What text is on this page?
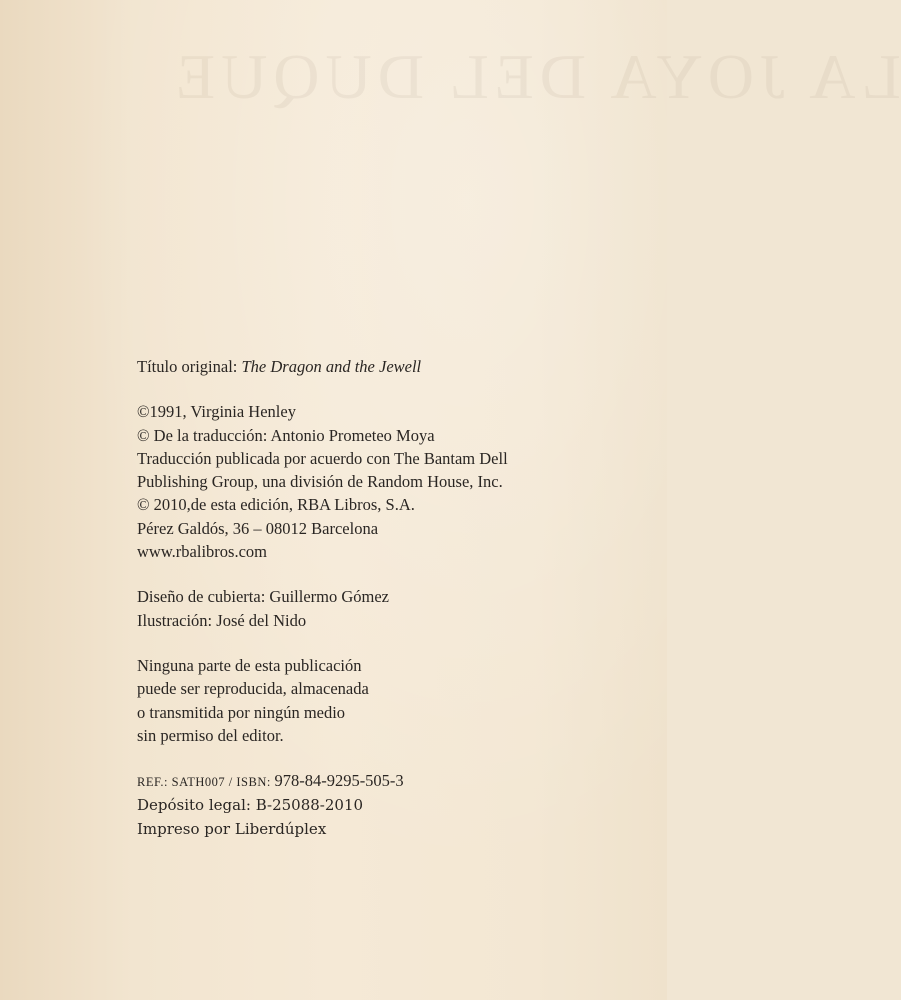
LA JOYA DEL DUQUE

Título original: The Dragon and the Jewell

©1991, Virginia Henley

© De la traducción: Antonio Prometeo Moya

Traducción publicada por acuerdo con The Bantam Dell

Publishing Group, una división de Random House, Inc.

© 2010,de esta edición, RBA Libros, S.A.

Pérez Galdós, 36 – 08012 Barcelona

www.rbalibros.com

Diseño de cubierta: Guillermo Gómez

Ilustración: José del Nido

Ninguna parte de esta publicación

puede ser reproducida, almacenada

o transmitida por ningún medio

sin permiso del editor.

REF.: SATH007 / ISBN: 978-84-9295-505-3

Depósito legal: B-25088-2010

Impreso por Liberdúplex
